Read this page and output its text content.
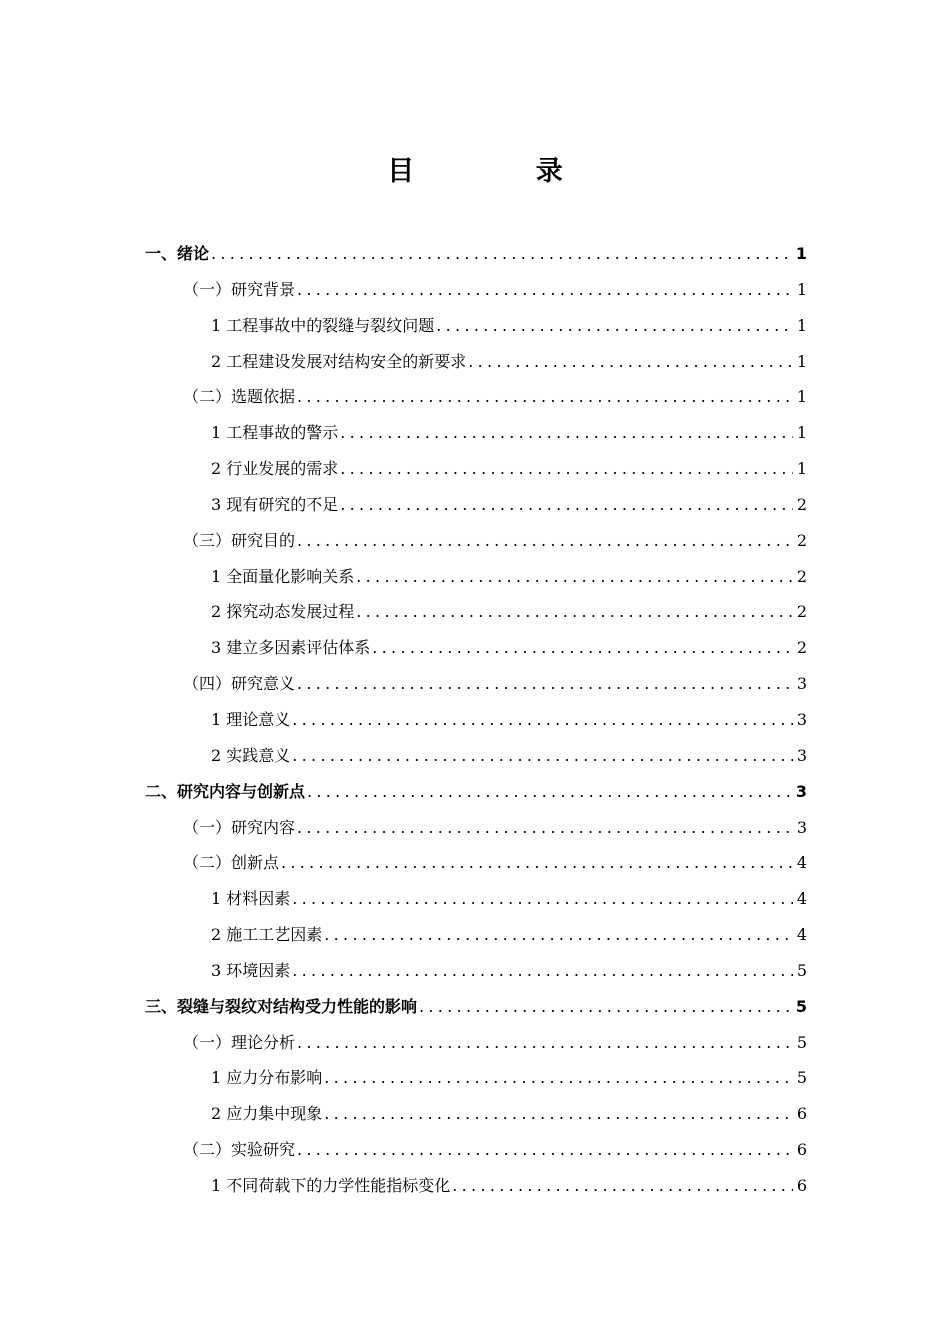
目 录
一、绪论 .....	1
（一）研究背景 .....	1
1 工程事故中的裂缝与裂纹问题 .....	1
2 工程建设发展对结构安全的新要求 .....	1
（二）选题依据 .....	1
1 工程事故的警示 .....	1
2 行业发展的需求 .....	1
3 现有研究的不足 .....	2
（三）研究目的 .....	2
1 全面量化影响关系 .....	2
2 探究动态发展过程 .....	2
3 建立多因素评估体系 .....	2
（四）研究意义 .....	3
1 理论意义 .....	3
2 实践意义 .....	3
二、研究内容与创新点 .....	3
（一）研究内容 .....	3
（二）创新点 .....	4
1 材料因素 .....	4
2 施工工艺因素 .....	4
3 环境因素 .....	5
三、裂缝与裂纹对结构受力性能的影响 .....	5
（一）理论分析 .....	5
1 应力分布影响 .....	5
2 应力集中现象 .....	6
（二）实验研究 .....	6
1 不同荷载下的力学性能指标变化 .....	6
